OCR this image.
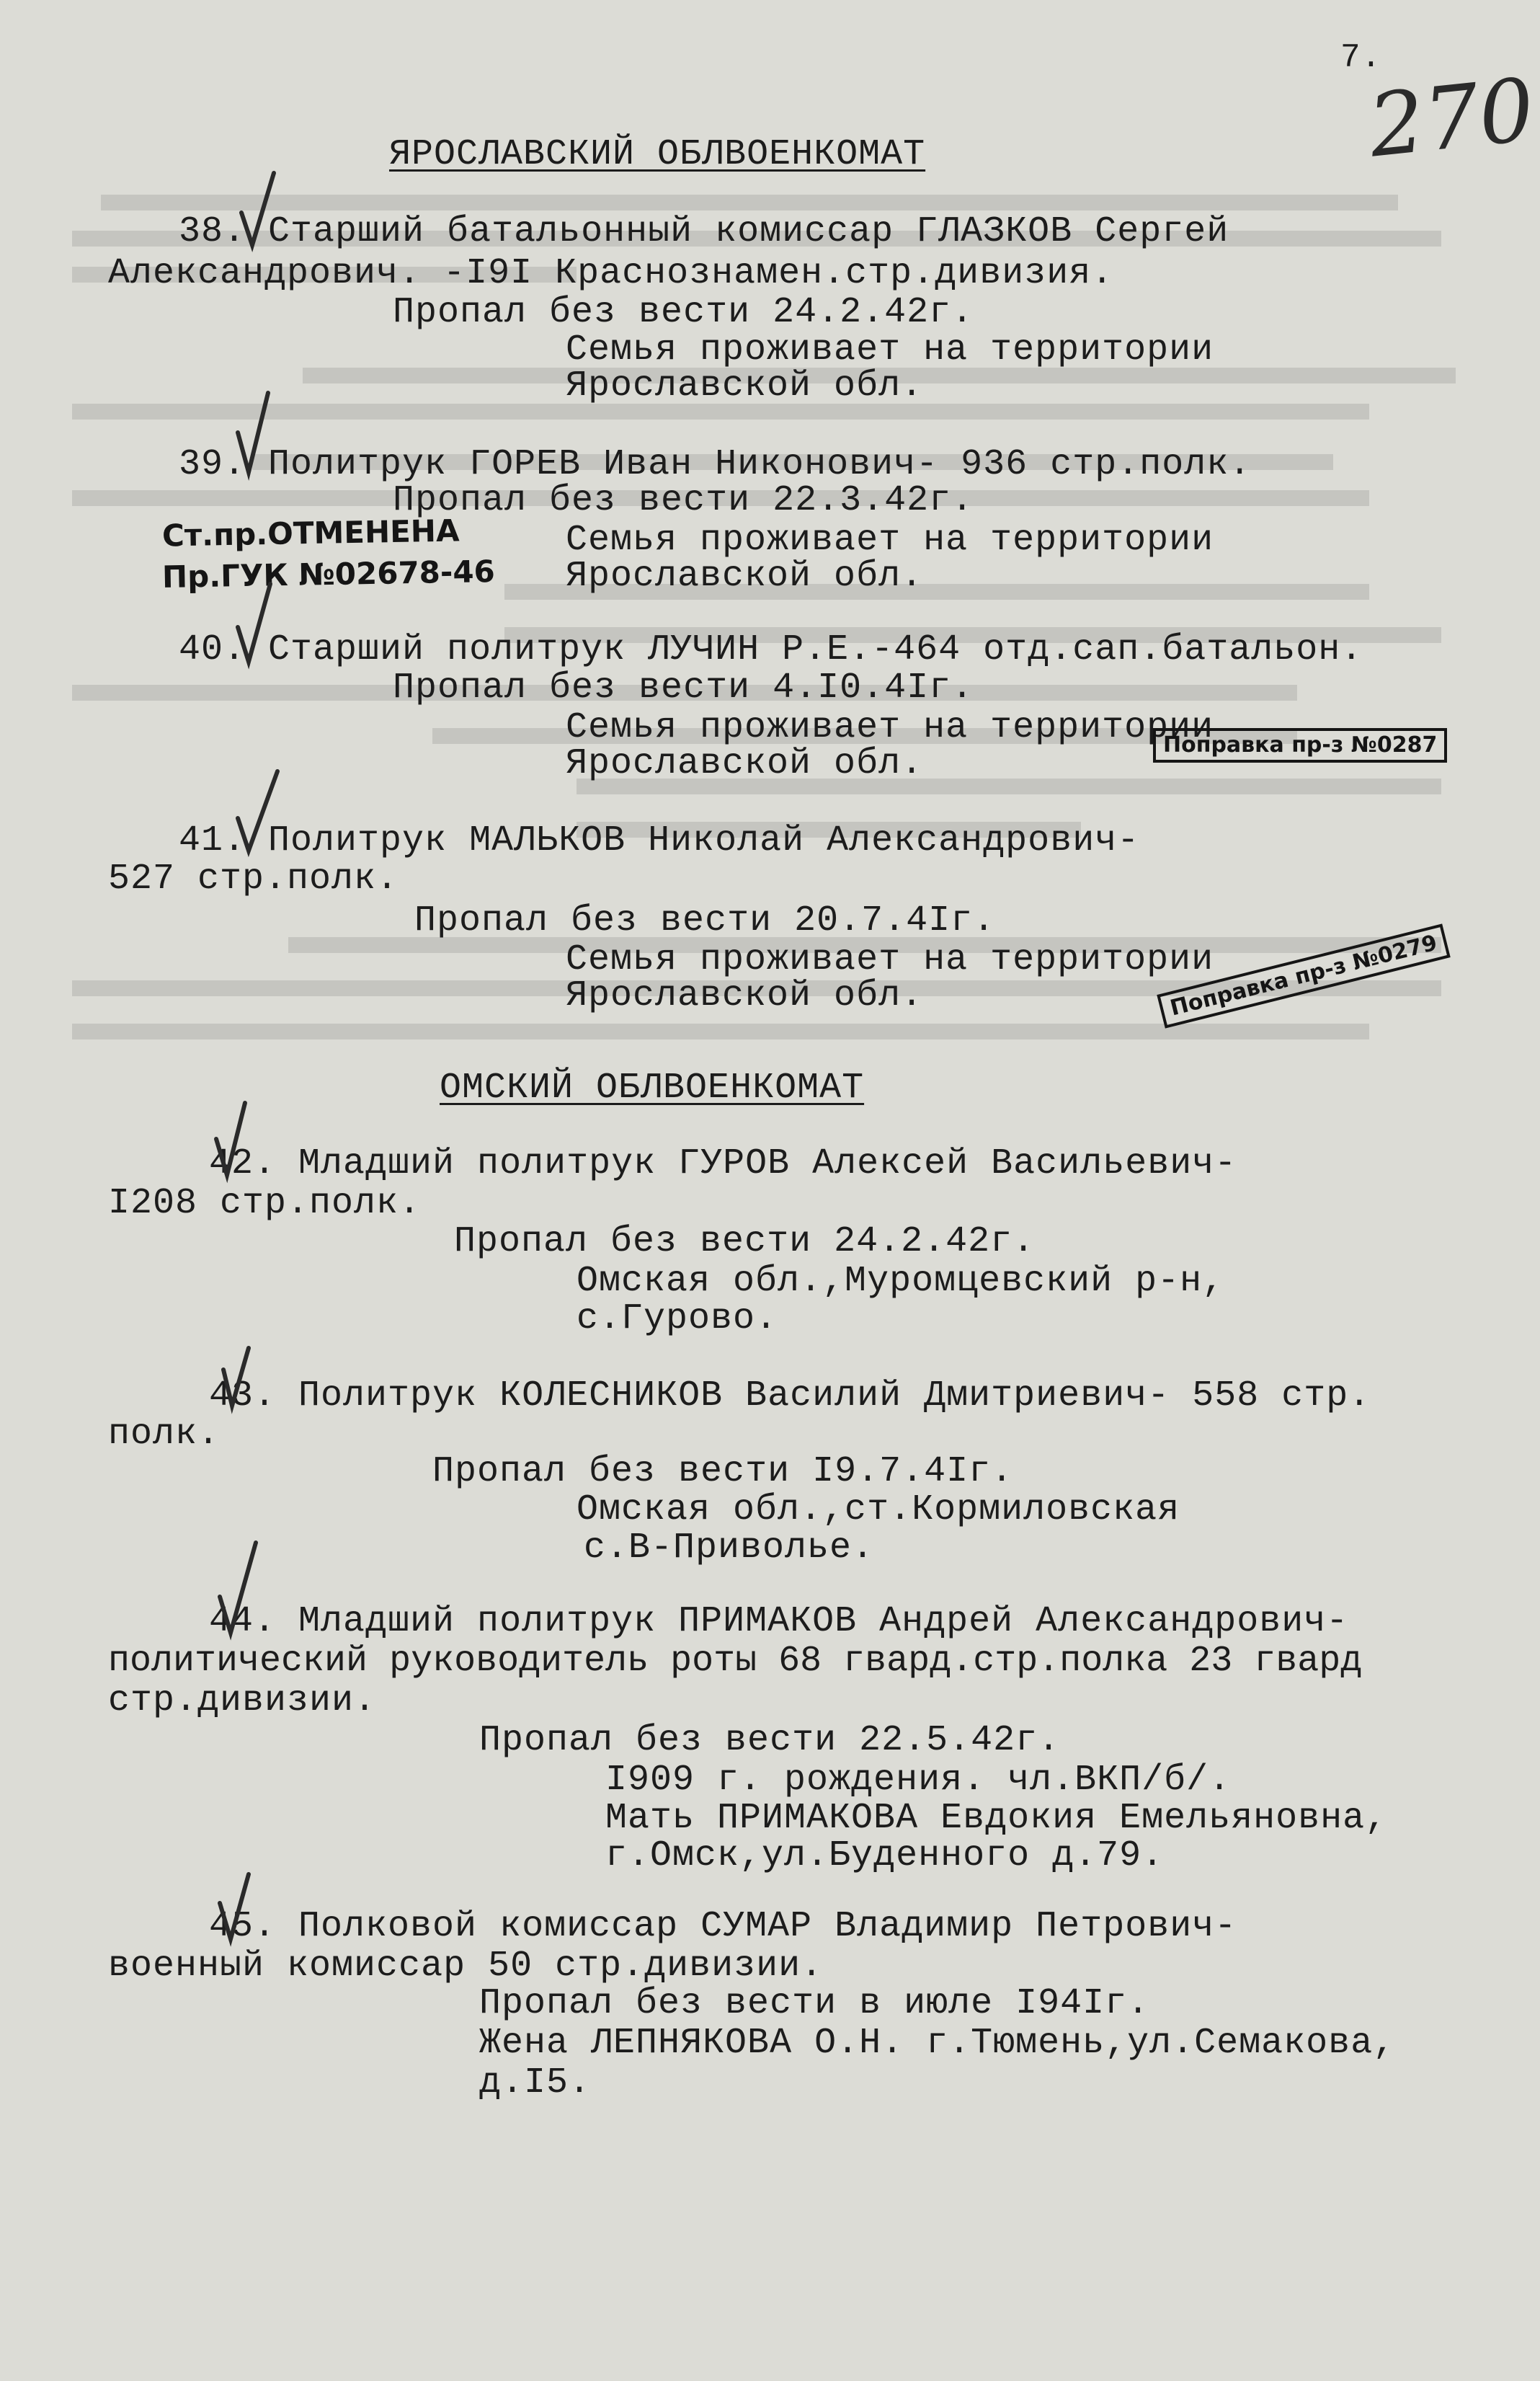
7.
270
ЯРОСЛАВСКИЙ ОБЛВОЕНКОМАТ
38. Старший батальонный комиссар ГЛАЗКОВ Сергей
Александрович. -I9I Краснознамен.стр.дивизия.
Пропал без вести 24.2.42г.
Семья проживает на территории
Ярославской обл.
39. Политрук ГОРЕВ Иван Никонович- 936 стр.полк.
Пропал без вести 22.3.42г.
Семья проживает на территории
Ярославской обл.
Ст.пр.ОТМЕНЕНА
Пр.ГУК №02678-46
40. Старший политрук ЛУЧИН Р.Е.-464 отд.сап.батальон.
Пропал без вести 4.I0.4Iг.
Семья проживает на территории
Ярославской обл.	Поправка пр-з №0287
41. Политрук МАЛЬКОВ Николай Александрович-
527 стр.полк.
Пропал без вести 20.7.4Iг.
Семья проживает на территории
Ярославской обл.	Поправка пр-з №0279
ОМСКИЙ ОБЛВОЕНКОМАТ
42. Младший политрук ГУРОВ Алексей Васильевич-
I208 стр.полк.
Пропал без вести 24.2.42г.
Омская обл.,Муромцевский р-н,
с.Гурово.
43. Политрук КОЛЕСНИКОВ Василий Дмитриевич- 558 стр.
полк.
Пропал без вести I9.7.4Iг.
Омская обл.,ст.Кормиловская
с.В-Приволье.
44. Младший политрук ПРИМАКОВ Андрей Александрович-
политический руководитель роты 68 гвард.стр.полка 23 гвард
стр.дивизии.
Пропал без вести 22.5.42г.
I909 г. рождения. чл.ВКП/б/.
Мать ПРИМАКОВА Евдокия Емельяновна,
г.Омск,ул.Буденного д.79.
45. Полковой комиссар СУМАР Владимир Петрович-
военный комиссар 50 стр.дивизии.
Пропал без вести в июле I94Iг.
Жена ЛЕПНЯКОВА О.Н. г.Тюмень,ул.Семакова,
д.I5.
